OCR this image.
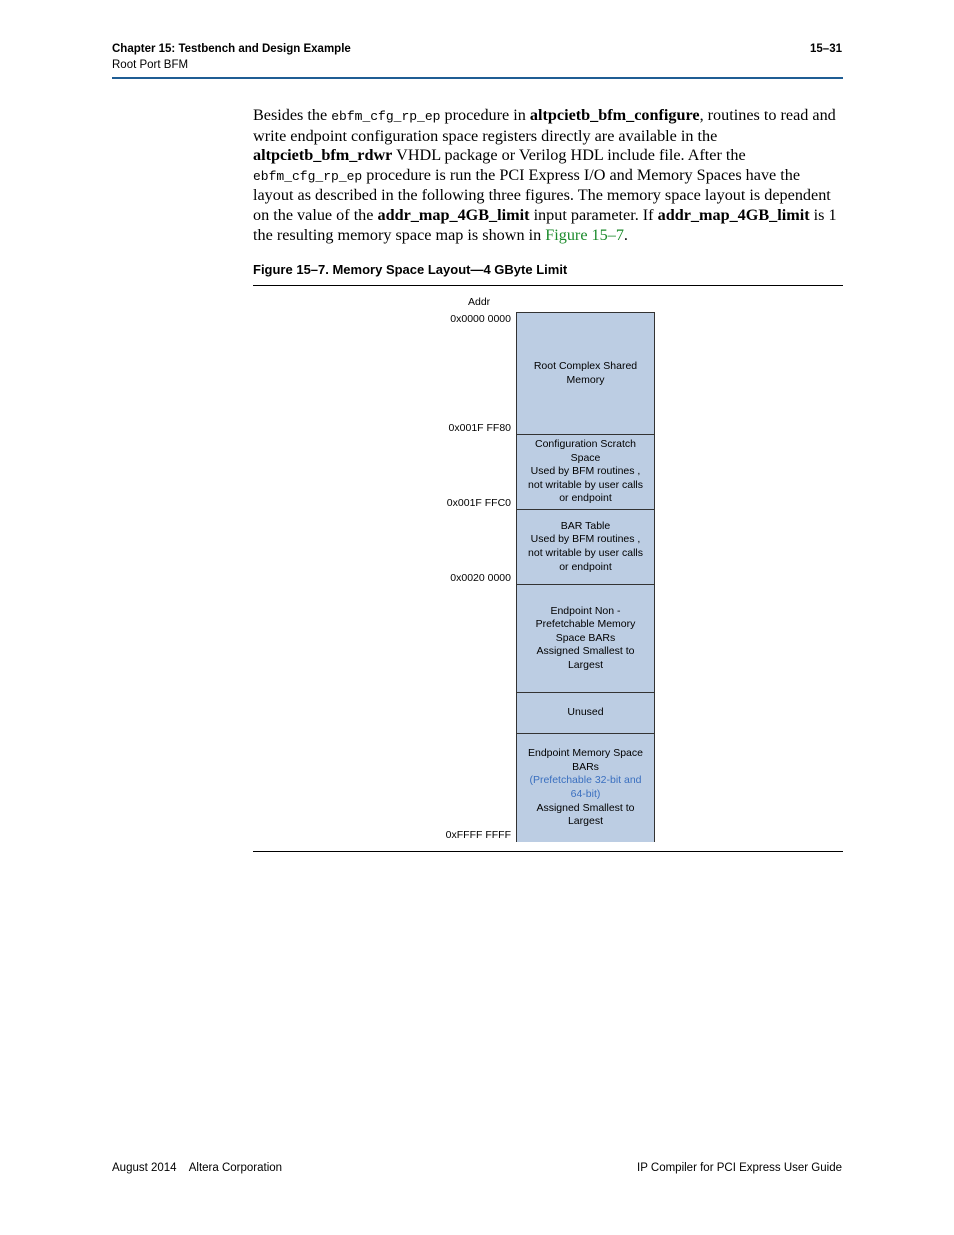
Chapter 15: Testbench and Design Example
Root Port BFM
15–31
Besides the ebfm_cfg_rp_ep procedure in altpcietb_bfm_configure, routines to read and write endpoint configuration space registers directly are available in the altpcietb_bfm_rdwr VHDL package or Verilog HDL include file. After the ebfm_cfg_rp_ep procedure is run the PCI Express I/O and Memory Spaces have the layout as described in the following three figures. The memory space layout is dependent on the value of the addr_map_4GB_limit input parameter. If addr_map_4GB_limit is 1 the resulting memory space map is shown in Figure 15–7.
Figure 15–7. Memory Space Layout—4 GByte Limit
Addr
0x0000 0000
0x001F FF80
0x001F FFC0
0x0020 0000
0xFFFF FFFF
Root Complex Shared
Memory
Configuration Scratch
Space
Used by BFM routines ,
not writable by user calls
or endpoint
BAR Table
Used by BFM routines ,
not writable by user calls
or endpoint
Endpoint Non -
Prefetchable Memory
Space BARs
Assigned Smallest to
Largest
Unused
Endpoint Memory Space
BARs
(Prefetchable 32-bit and
64-bit)
Assigned Smallest to
Largest
August 2014    Altera Corporation	IP Compiler for PCI Express User Guide
